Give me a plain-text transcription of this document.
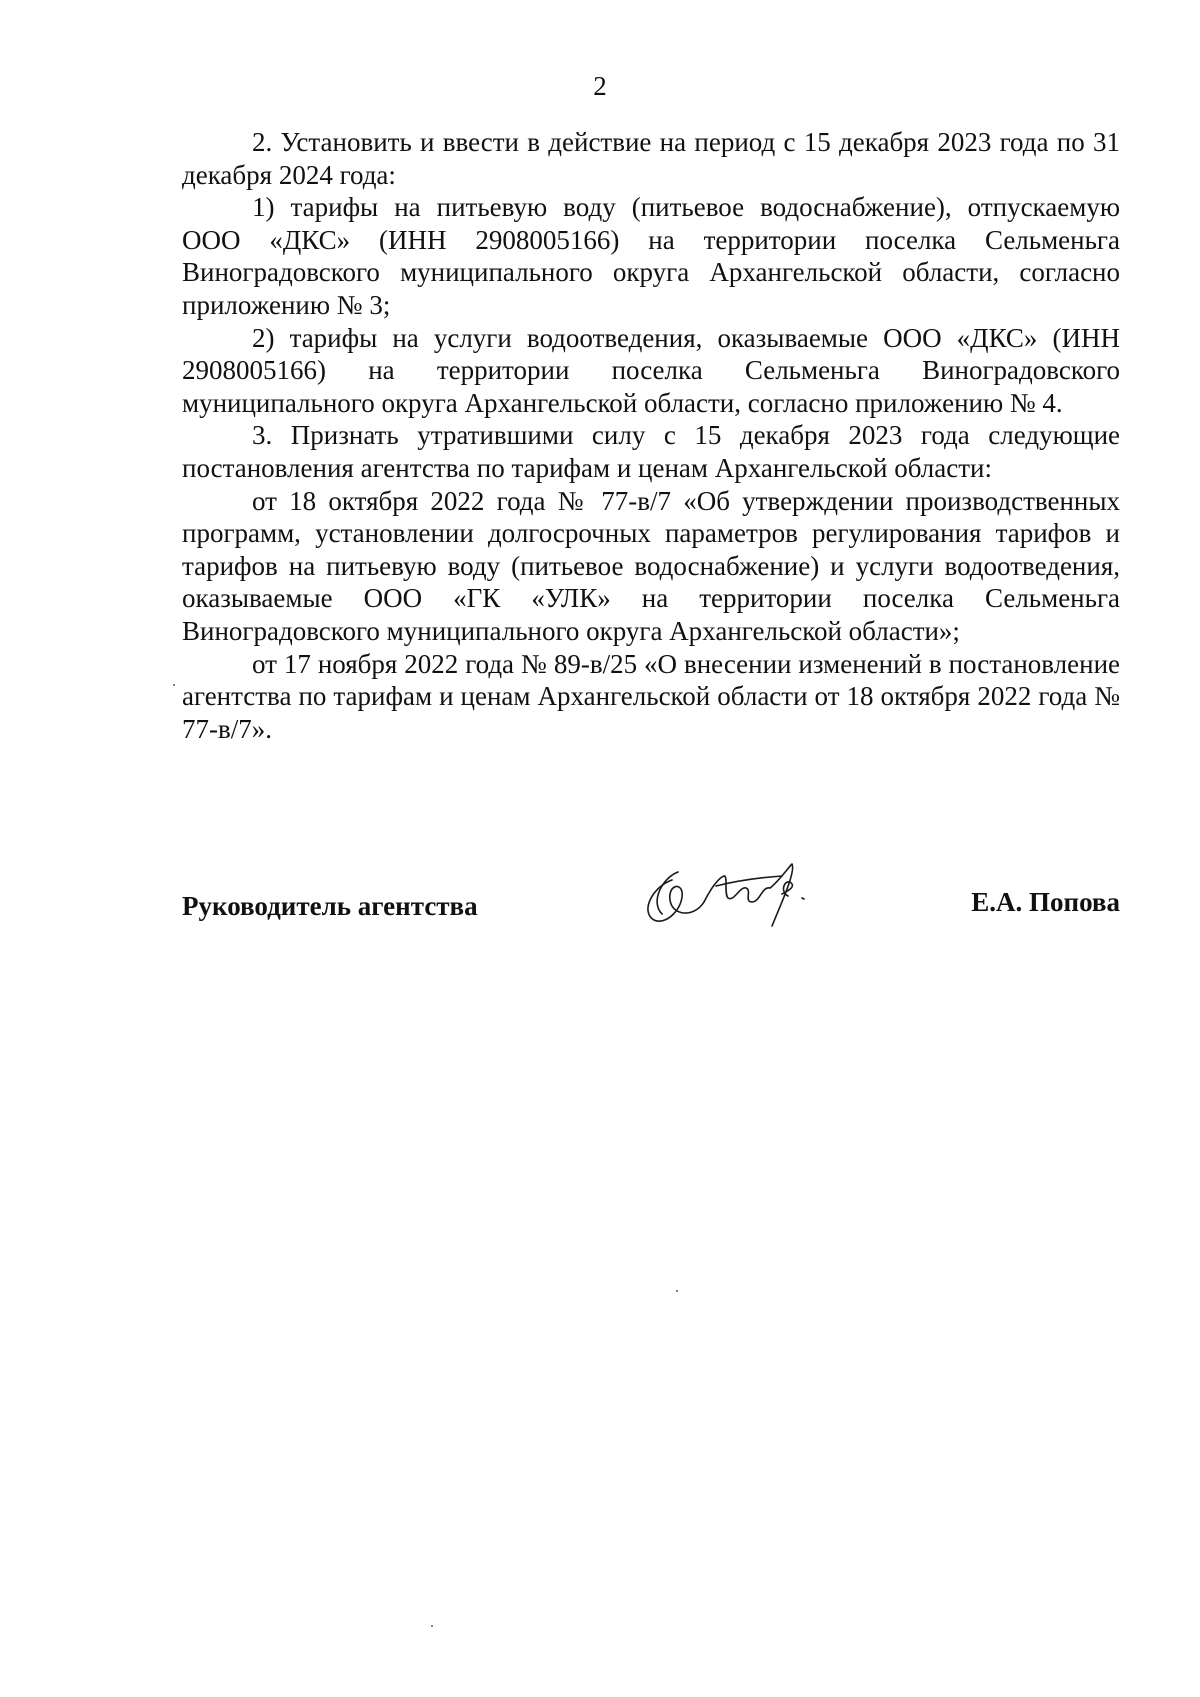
2

2. Установить и ввести в действие на период с 15 декабря 2023 года по 31 декабря 2024 года:

1) тарифы на питьевую воду (питьевое водоснабжение), отпускаемую ООО «ДКС» (ИНН 2908005166) на территории поселка Сельменьга Виноградовского муниципального округа Архангельской области, согласно приложению № 3;

2) тарифы на услуги водоотведения, оказываемые ООО «ДКС» (ИНН 2908005166) на территории поселка Сельменьга Виноградовского муниципального округа Архангельской области, согласно приложению № 4.

3. Признать утратившими силу с 15 декабря 2023 года следующие постановления агентства по тарифам и ценам Архангельской области:

от 18 октября 2022 года № 77-в/7 «Об утверждении производственных программ, установлении долгосрочных параметров регулирования тарифов и тарифов на питьевую воду (питьевое водоснабжение) и услуги водоотведения, оказываемые ООО «ГК «УЛК» на территории поселка Сельменьга Виноградовского муниципального округа Архангельской области»;

от 17 ноября 2022 года № 89-в/25 «О внесении изменений в постановление агентства по тарифам и ценам Архангельской области от 18 октября 2022 года № 77-в/7».

Руководитель агентства	Е.А. Попова
